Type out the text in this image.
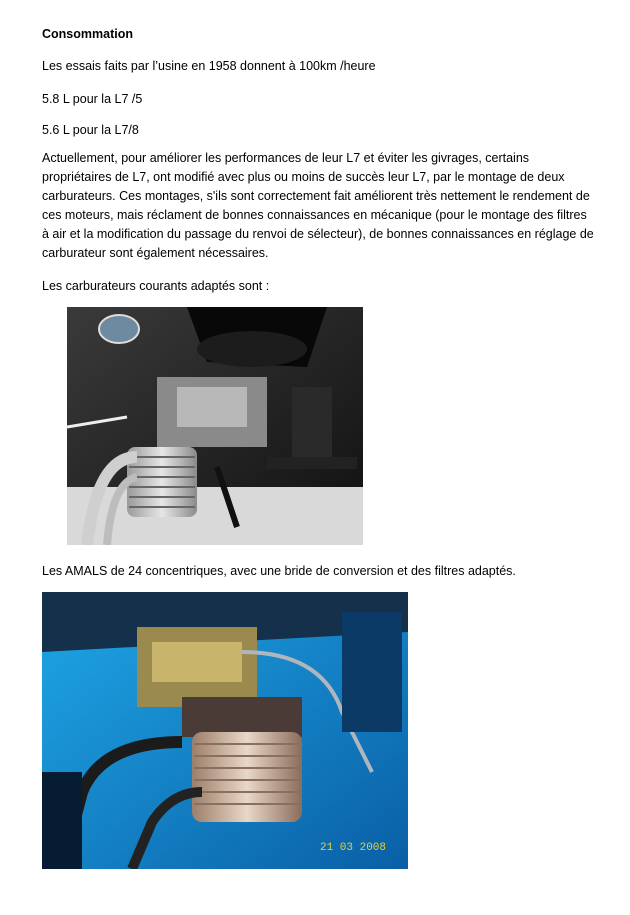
Consommation

Les essais faits par l’usine en 1958 donnent à 100km /heure

5.8 L pour la L7 /5

5.6 L pour la L7/8

Actuellement, pour améliorer les performances de leur L7 et éviter les givrages, certains propriétaires de L7, ont modifié avec plus ou moins de succès leur L7, par le montage de deux carburateurs. Ces montages, s'ils sont correctement fait améliorent très nettement le rendement de ces moteurs, mais réclament de bonnes connaissances en mécanique (pour le montage des filtres à air et la modification du passage du renvoi de sélecteur), de bonnes connaissances en réglage de carburateur sont également nécessaires.

Les carburateurs courants adaptés sont :

Les AMALS de 24 concentriques, avec une bride de conversion et des filtres adaptés.

21 03 2008
